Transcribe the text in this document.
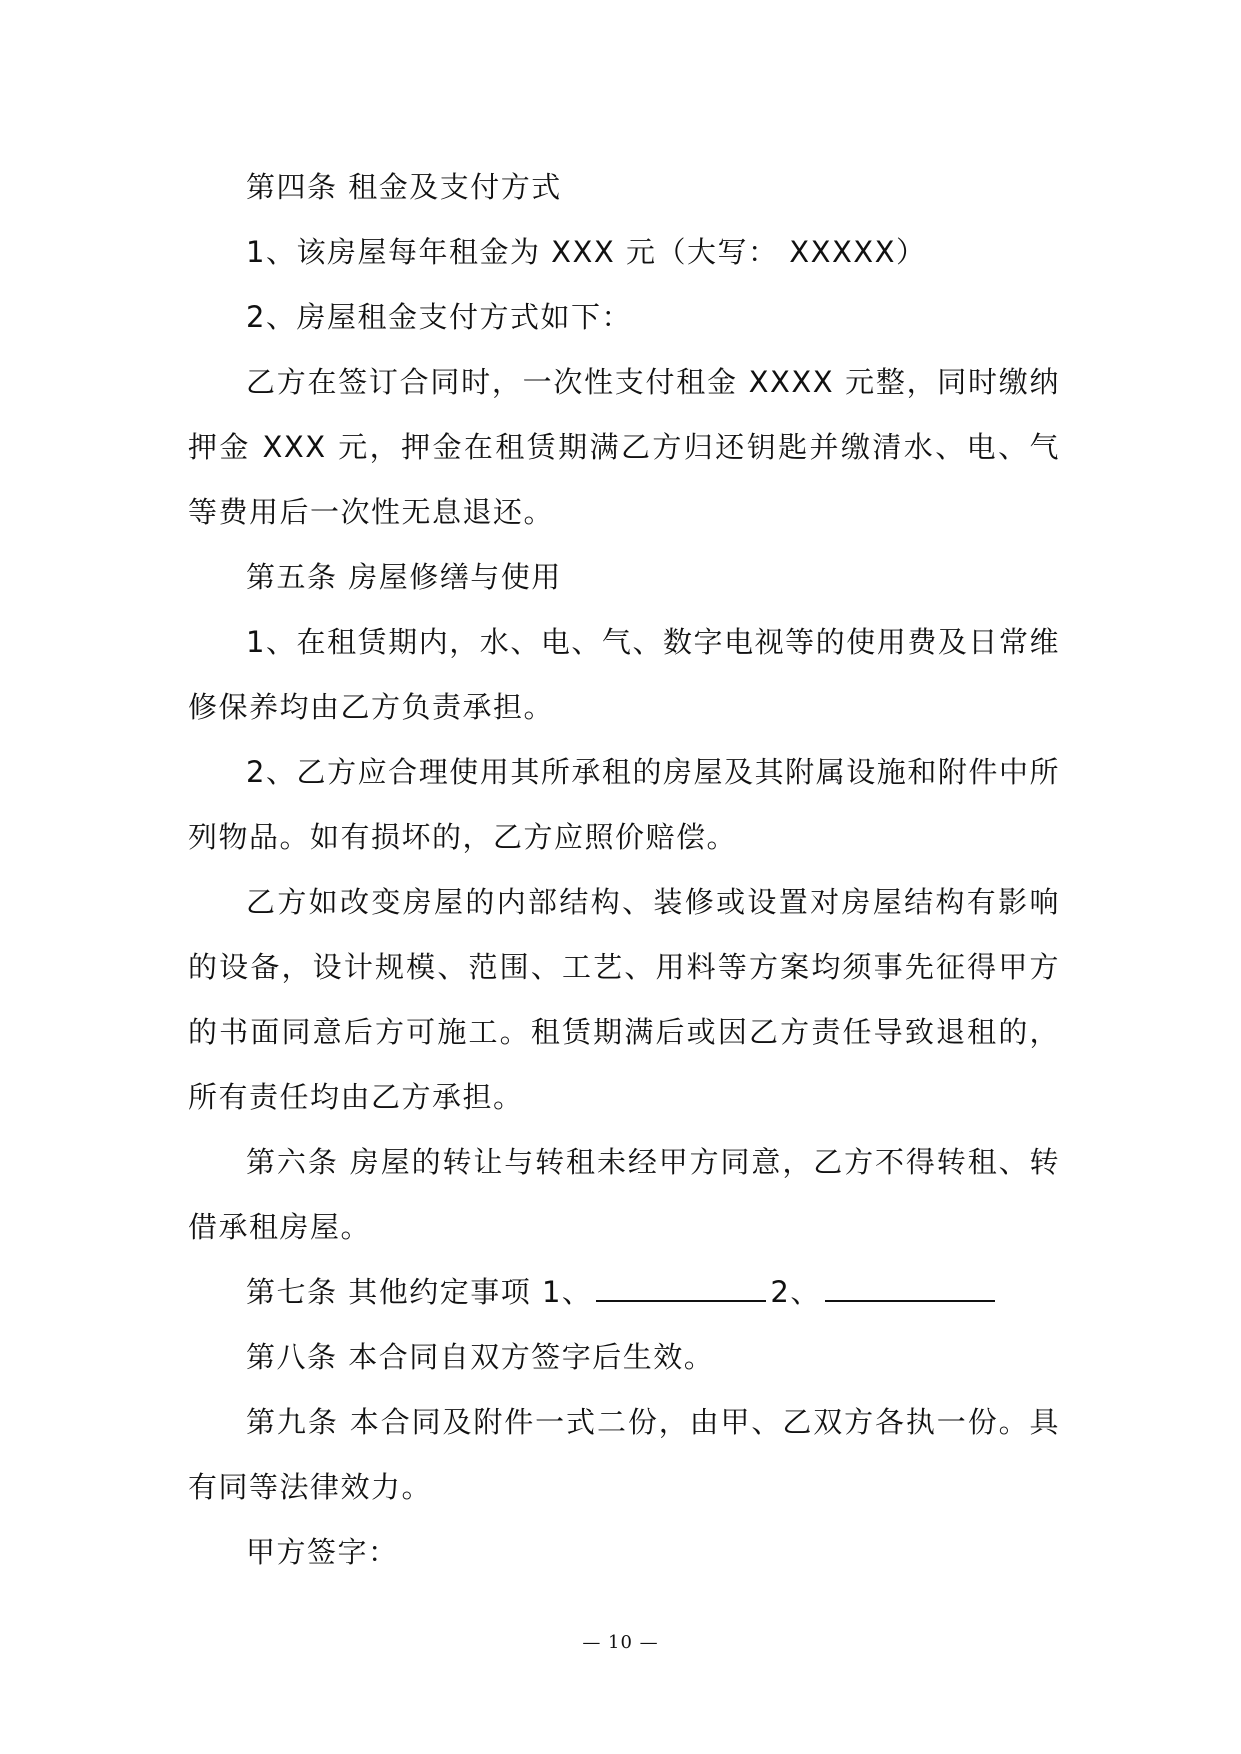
第四条 租金及支付方式

1、该房屋每年租金为 XXX 元（大写： XXXXX）

2、房屋租金支付方式如下：

乙方在签订合同时，一次性支付租金 XXXX 元整，同时缴纳押金 XXX 元，押金在租赁期满乙方归还钥匙并缴清水、电、气等费用后一次性无息退还。

第五条 房屋修缮与使用

1、在租赁期内，水、电、气、数字电视等的使用费及日常维修保养均由乙方负责承担。

2、乙方应合理使用其所承租的房屋及其附属设施和附件中所列物品。如有损坏的，乙方应照价赔偿。

乙方如改变房屋的内部结构、装修或设置对房屋结构有影响的设备，设计规模、范围、工艺、用料等方案均须事先征得甲方的书面同意后方可施工。租赁期满后或因乙方责任导致退租的，所有责任均由乙方承担。

第六条 房屋的转让与转租未经甲方同意，乙方不得转租、转借承租房屋。

第七条 其他约定事项 1、	2、

第八条 本合同自双方签字后生效。

第九条 本合同及附件一式二份，由甲、乙双方各执一份。具有同等法律效力。

甲方签字：

— 10 —
